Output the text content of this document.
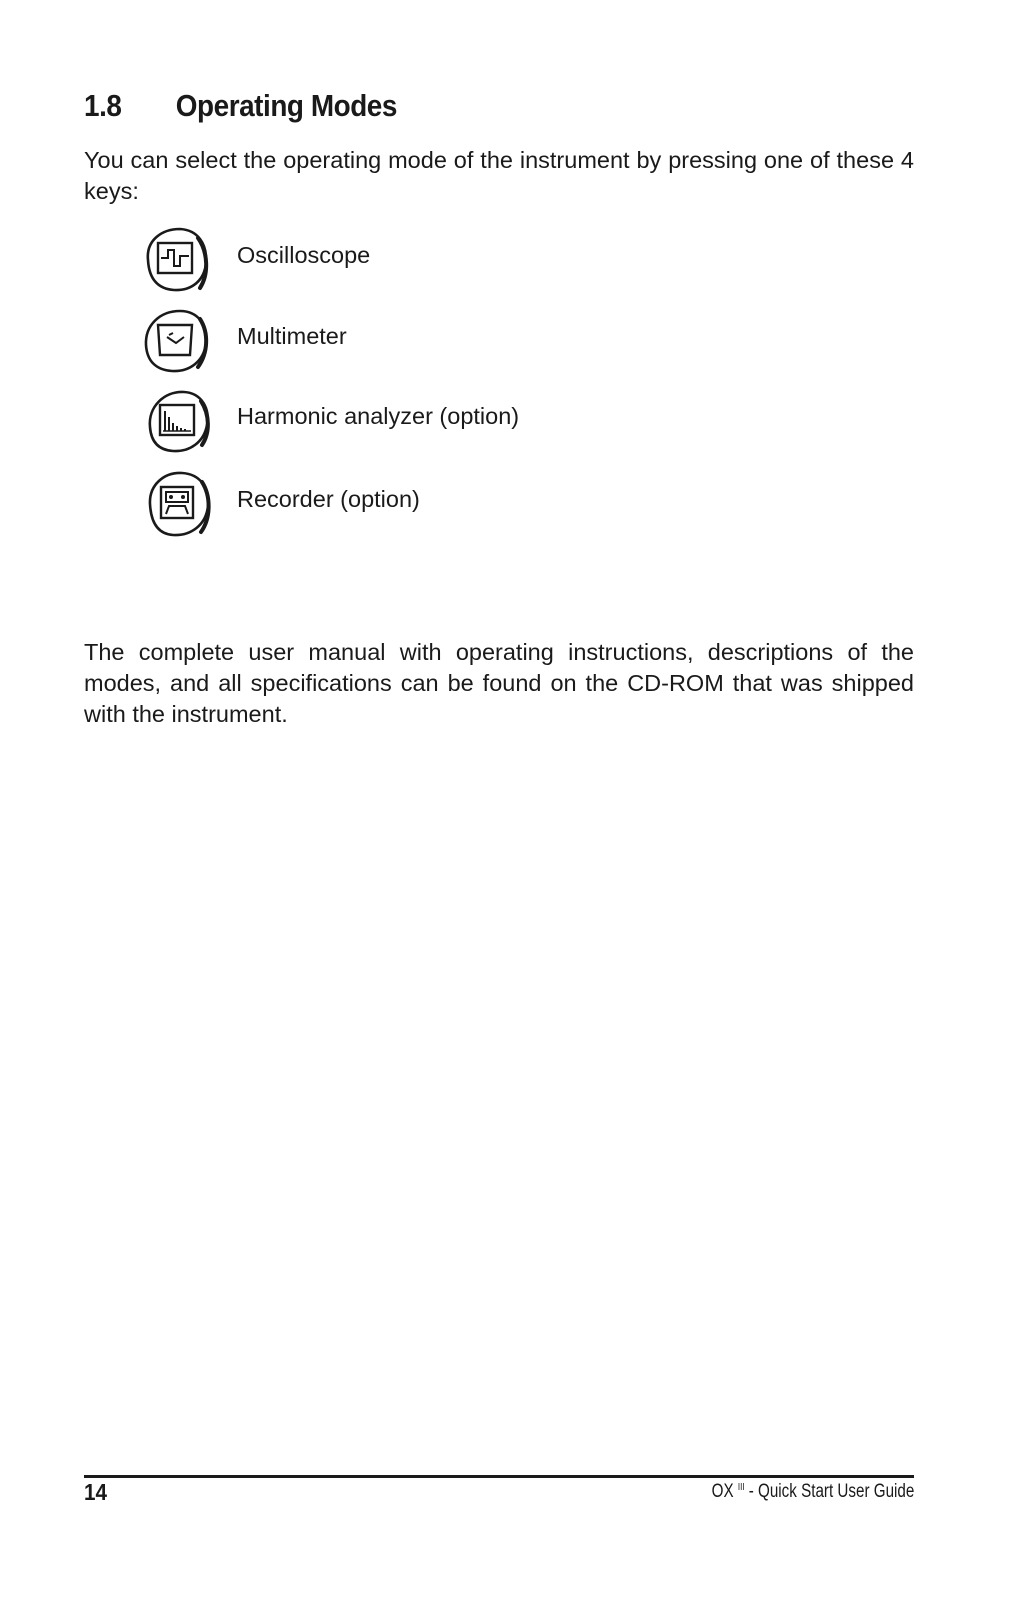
1.8 Operating Modes

You can select the operating mode of the instrument by pressing one of these 4 keys:

Oscilloscope
Multimeter
Harmonic analyzer (option)
Recorder (option)

The complete user manual with operating instructions, descriptions of the modes, and all specifications can be found on the CD-ROM that was shipped with the instrument.

14	OX $^{III}$ - Quick Start User Guide
